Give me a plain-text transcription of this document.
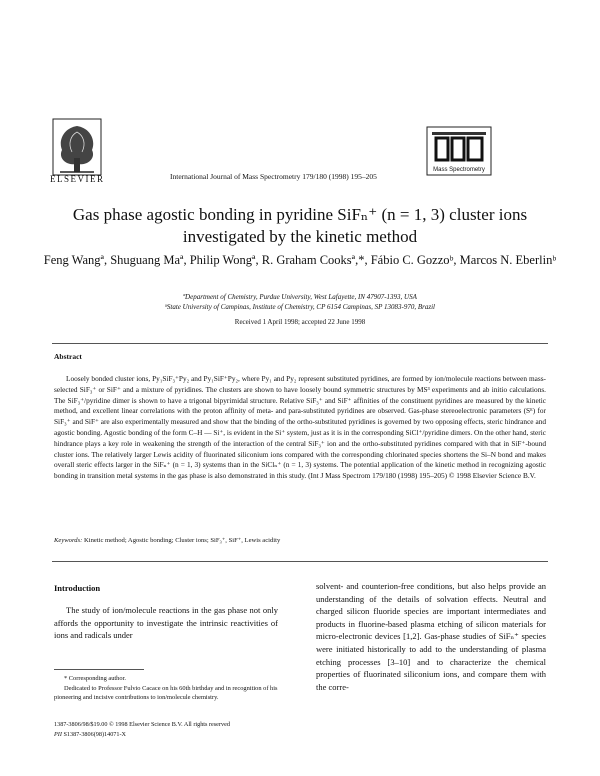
ELSEVIER	International Journal of Mass Spectrometry 179/180 (1998) 195–205
Mass Spectrometry
Gas phase agostic bonding in pyridine SiFₙ⁺ (n = 1, 3) cluster ions investigated by the kinetic method
Feng Wangª, Shuguang Maª, Philip Wongª, R. Graham Cooksª,*, Fábio C. Gozzoᵇ, Marcos N. Eberlinᵇ
ªDepartment of Chemistry, Purdue University, West Lafayette, IN 47907-1393, USA
ᵇState University of Campinas, Institute of Chemistry, CP 6154 Campinas, SP 13083-970, Brazil
Received 1 April 1998; accepted 22 June 1998
Abstract
Loosely bonded cluster ions, Py₁SiF₃⁺Py₂ and Py₁SiF⁺Py₂, where Py₁ and Py₂ represent substituted pyridines, are formed by ion/molecule reactions between mass-selected SiF₃⁺ or SiF⁺ and a mixture of pyridines. The clusters are shown to have loosely bound symmetric structures by MS³ experiments and ab initio calculations. The SiF₃⁺/pyridine dimer is shown to have a trigonal bipyrimidal structure. Relative SiF₃⁺ and SiF⁺ affinities of the constituent pyridines are measured by the kinetic method, and excellent linear correlations with the proton affinity of meta- and para-substituted pyridines are observed. Gas-phase stereoelectronic parameters (Sᴱ) for SiF₃⁺ and SiF⁺ are also experimentally measured and show that the binding of the ortho-substituted pyridines is governed by two opposing effects, steric hindrance and agostic bonding. Agostic bonding of the form C–H — Si⁺, is evident in the Si⁺ system, just as it is in the corresponding SiCl⁺/pyridine dimers. On the other hand, steric hindrance plays a key role in weakening the strength of the interaction of the central SiF₃⁺ ion and the ortho-substituted pyridines compared with that in SiF⁺-bound cluster ions. The relatively larger Lewis acidity of fluorinated siliconium ions compared with the corresponding chlorinated species shortens the Si–N bond and makes overall steric effects larger in the SiFₙ⁺ (n = 1, 3) systems than in the SiClₙ⁺ (n = 1, 3) systems. The potential application of the kinetic method in recognizing agostic bonding in transition metal systems in the gas phase is also demonstrated in this study. (Int J Mass Spectrom 179/180 (1998) 195–205) © 1998 Elsevier Science B.V.
Keywords: Kinetic method; Agostic bonding; Cluster ions; SiF₃⁺, SiF⁺, Lewis acidity
Introduction
The study of ion/molecule reactions in the gas phase not only affords the opportunity to investigate the intrinsic reactivities of ions and radicals under
solvent- and counterion-free conditions, but also helps provide an understanding of the details of solvation effects. Neutral and charged silicon fluoride species are important intermediates and products in fluorine-based plasma etching of silicon materials for micro-electronic devices [1,2]. Gas-phase studies of SiFₙ⁺ species were initiated historically to add to the understanding of plasma etching processes [3–10] and to characterize the chemical properties of fluorinated siliconium ions, and compare them with the corre-

* Corresponding author.

Dedicated to Professor Fulvio Cacace on his 60th birthday and in recognition of his pioneering and incisive contributions to ion/molecule chemistry.

1387-3806/98/$19.00 © 1998 Elsevier Science B.V. All rights reserved
PII S1387-3806(98)14071-X
